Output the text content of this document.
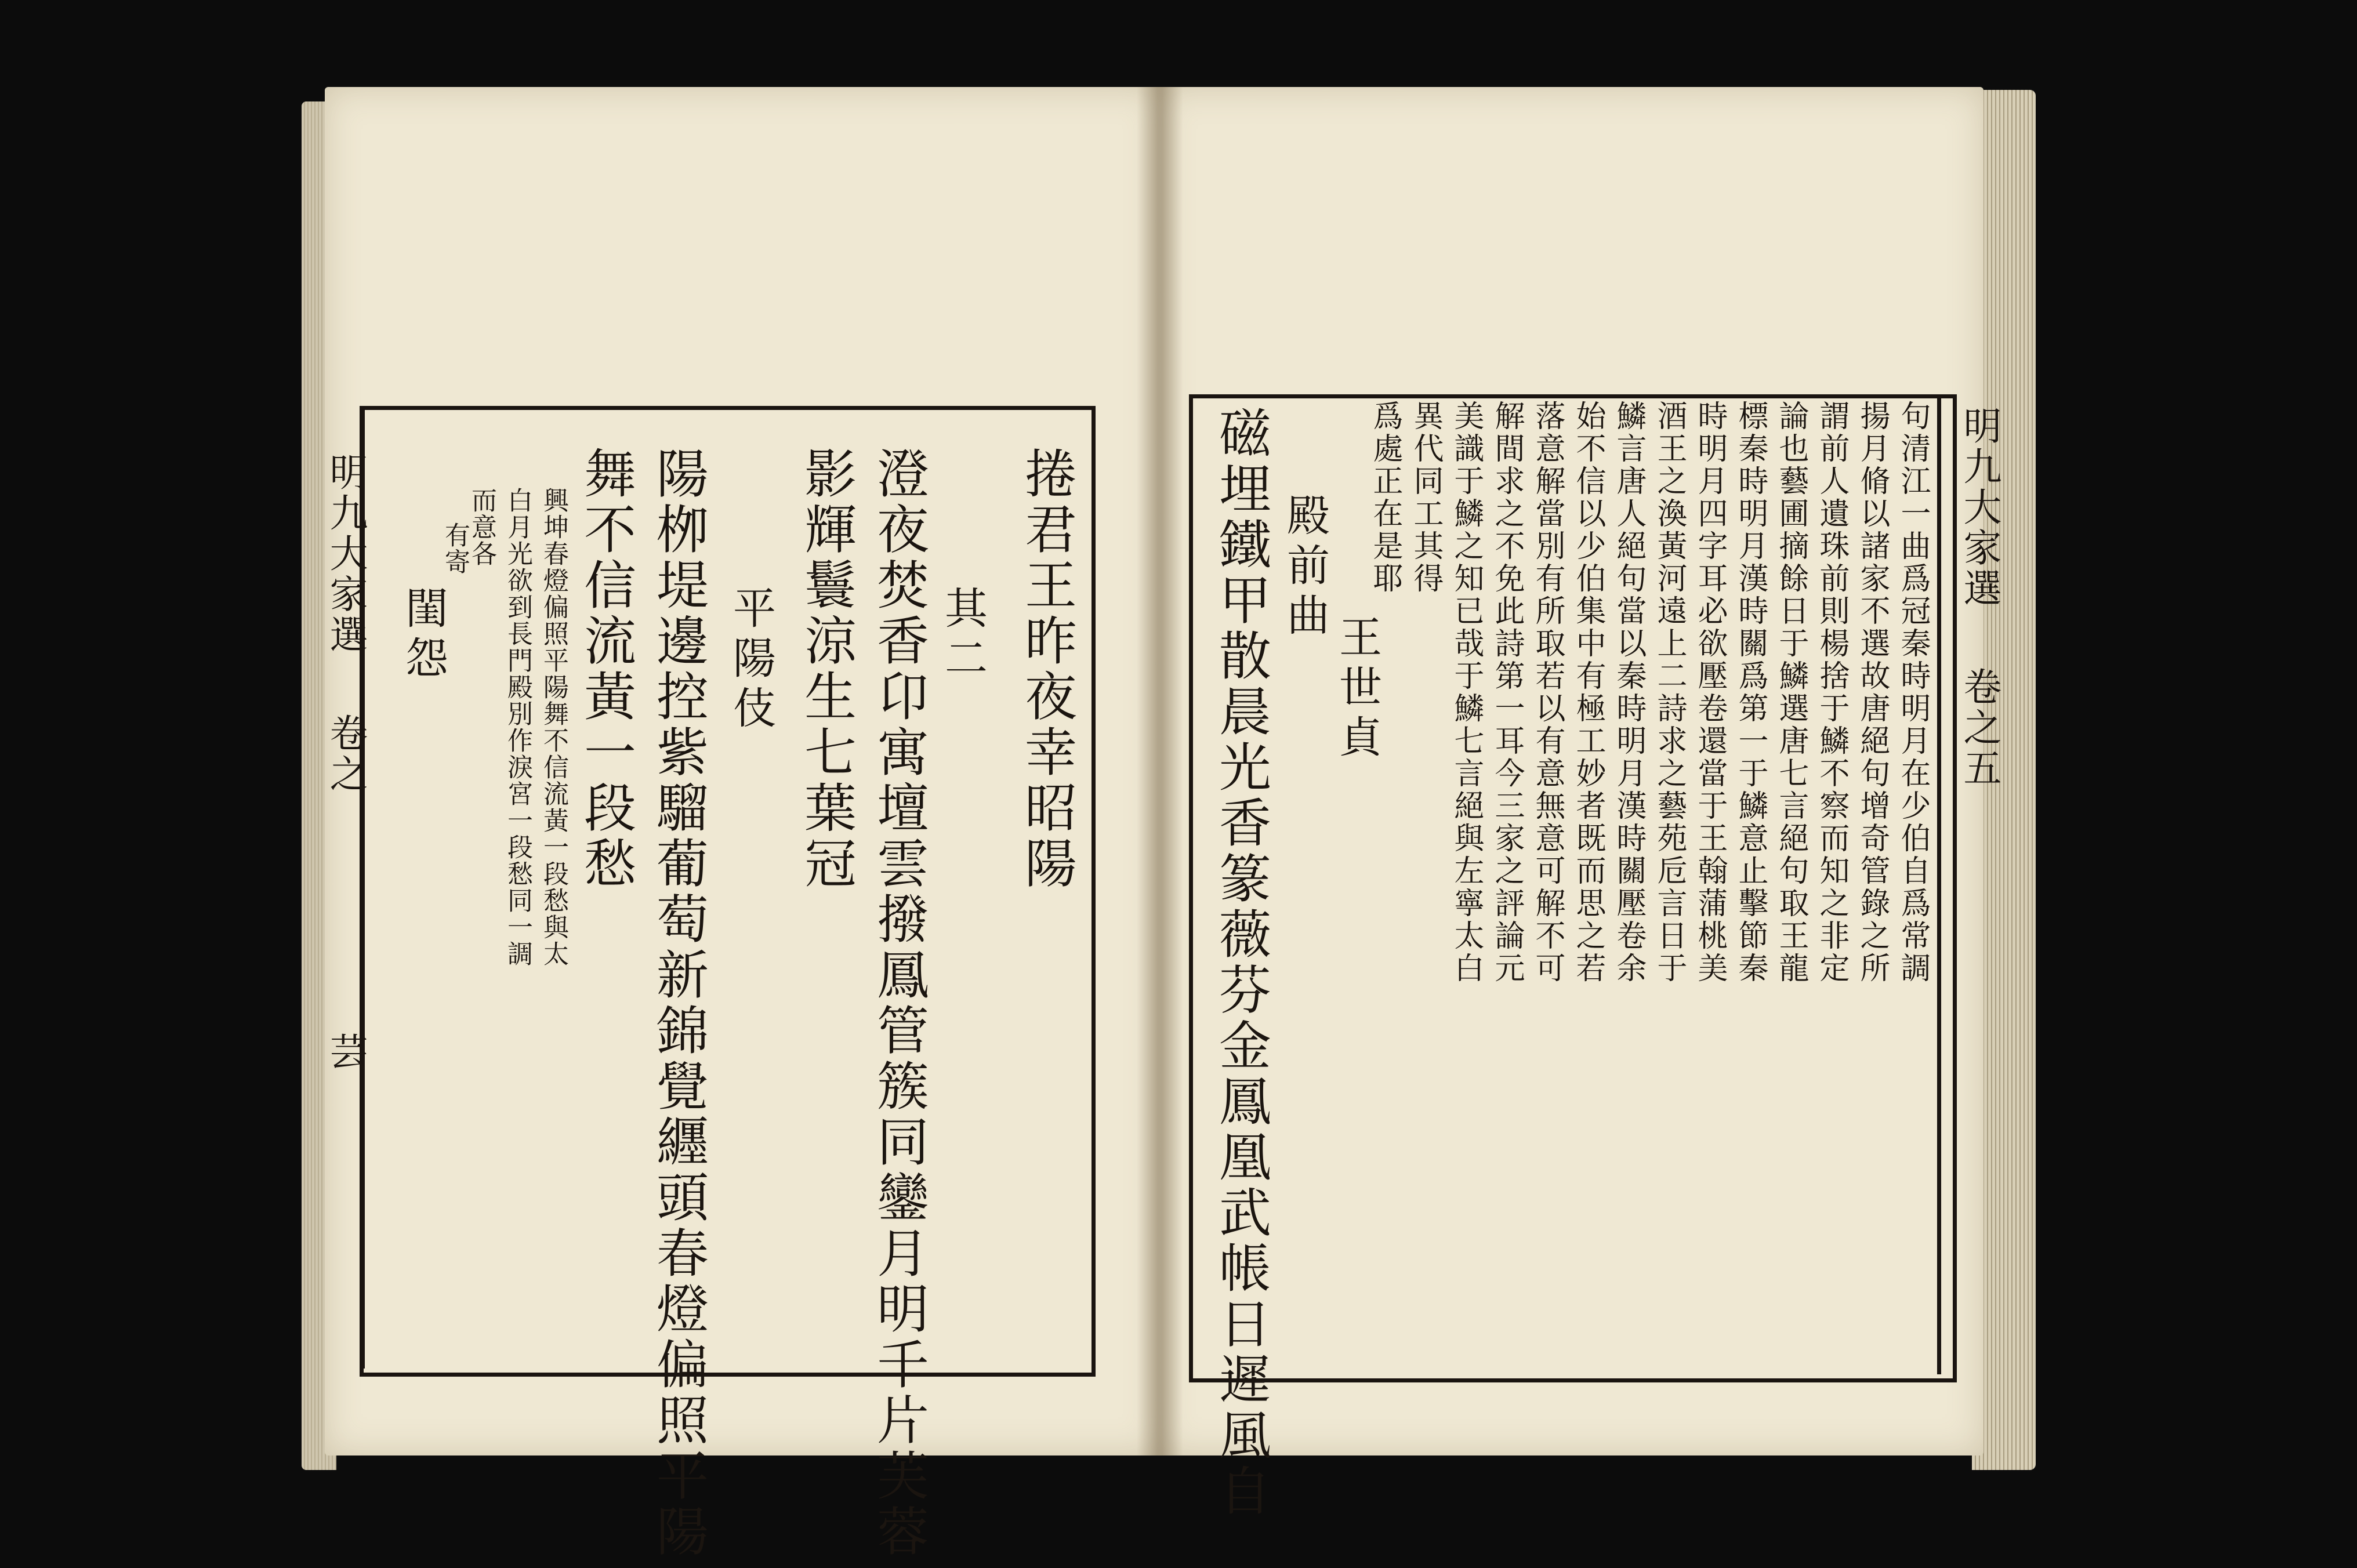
明九大家選
卷之
芸
捲君王昨夜幸昭陽
其二
澄夜焚香卬寓壇雲撥鳳管簇同鑾月明千片芙蓉
影輝鬟涼生七葉冠
平陽伎
陽栁堤邊控紫騮葡萄新錦覺纒頭春燈偏照平陽
舞不信流黃一段愁
興坤春燈偏照平陽舞不信流黃一段愁與太
白月光欲到長門殿別作淚宮一段愁同一調
而意各
有寄
閨怨
明九大家選
卷之五
句清江一曲爲冠秦時明月在少伯自爲常調
揚月脩以諸家不選故唐絕句增奇管錄之所
謂前人遺珠前則楊捨于鱗不察而知之非定
論也藝圃摘餘日于鱗選唐七言絕句取王龍
標秦時明月漢時關爲第一于鱗意止擊節秦
時明月四字耳必欲壓卷還當于王翰蒲桃美
酒王之渙黃河遠上二詩求之藝苑卮言日于
鱗言唐人絕句當以秦時明月漢時關壓卷余
始不信以少伯集中有極工妙者既而思之若
落意解當別有所取若以有意無意可解不可
解間求之不免此詩第一耳今三家之評論元
美識于鱗之知已哉于鱗七言絕與左寧太白
異代同工其得
爲處正在是耶
王世貞
殿前曲
磁埋鐵甲散晨光香篆薇芬金鳳凰武帳日遲風自
